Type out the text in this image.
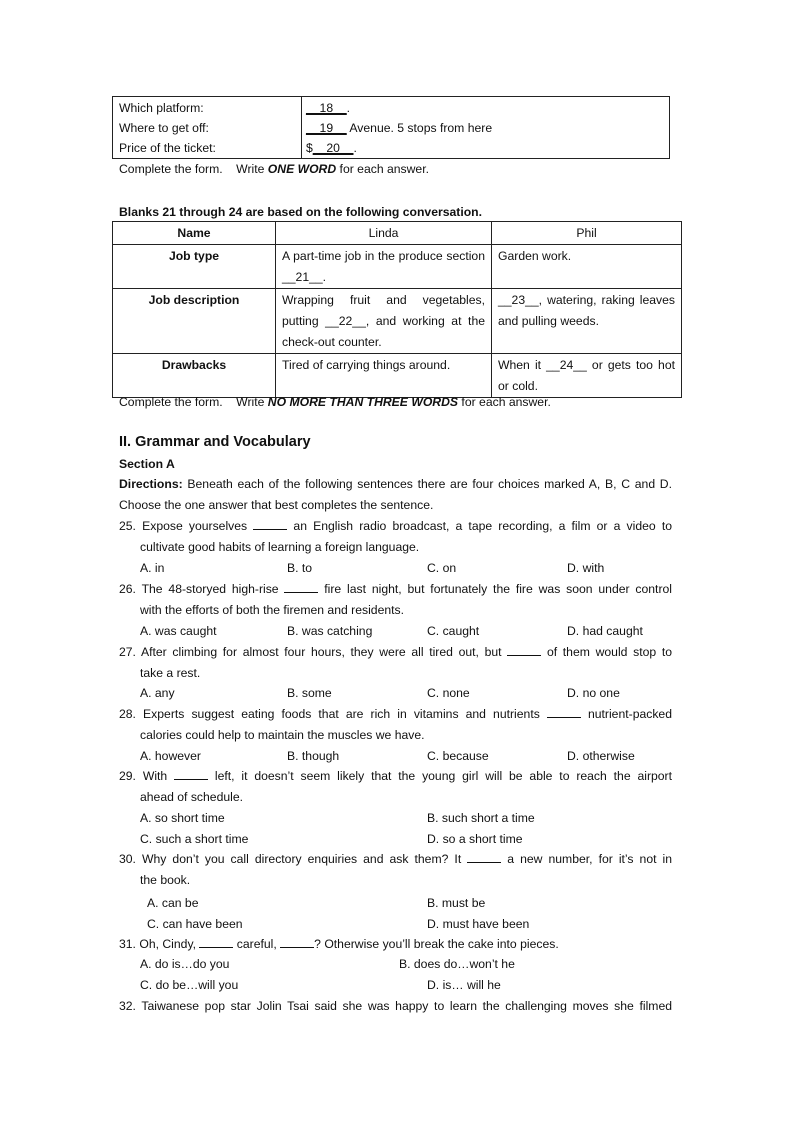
Which platform:	__18__.
Where to get off:	__19__ Avenue. 5 stops from here
Price of the ticket:	$__20__.
Complete the form.    Write ONE WORD for each answer.
Blanks 21 through 24 are based on the following conversation.
Name	Linda	Phil
Job type	A part-time job in the produce section __21__.	Garden work.
Job description	Wrapping fruit and vegetables, putting __22__, and working at the check-out counter.	__23__, watering, raking leaves and pulling weeds.
Drawbacks	Tired of carrying things around.	When it __24__ or gets too hot or cold.
Complete the form.    Write NO MORE THAN THREE WORDS for each answer.
II. Grammar and Vocabulary
Section A
Directions: Beneath each of the following sentences there are four choices marked A, B, C and D.
Choose the one answer that best completes the sentence.
25. Expose yourselves	an English radio broadcast, a tape recording, a film or a video to
cultivate good habits of learning a foreign language.
A. in	B. to	C. on	D. with
26. The 48-storyed high-rise	fire last night, but fortunately the fire was soon under control
with the efforts of both the firemen and residents.
A. was caught	B. was catching	C. caught	D. had caught
27. After climbing for almost four hours, they were all tired out, but	of them would stop to
take a rest.
A. any	B. some	C. none	D. no one
28. Experts suggest eating foods that are rich in vitamins and nutrients	nutrient-packed
calories could help to maintain the muscles we have.
A. however	B. though	C. because	D. otherwise
29. With	left, it doesn’t seem likely that the young girl will be able to reach the airport
ahead of schedule.
A. so short time	B. such short a time
C. such a short time	D. so a short time
30. Why don’t you call directory enquiries and ask them? It	a new number, for it’s not in
the book.
A. can be	B. must be
C. can have been	D. must have been
31. Oh, Cindy,	careful,	? Otherwise you’ll break the cake into pieces.
A. do is…do you	B. does do…won’t he
C. do be…will you	D. is… will he
32. Taiwanese pop star Jolin Tsai said she was happy to learn the challenging moves she filmed
